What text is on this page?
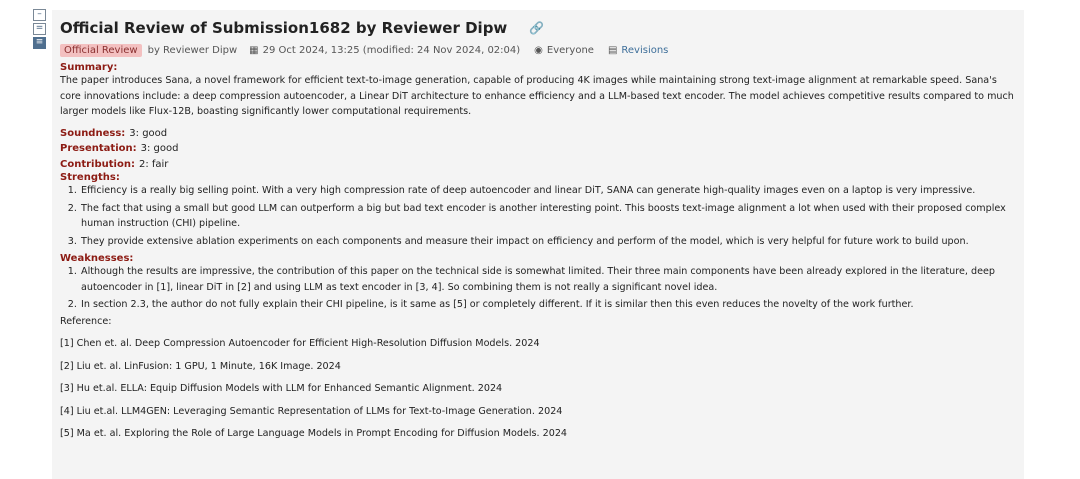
–
=
≡
Official Review of Submission1682 by Reviewer Dipw 🔗
Official Review	by Reviewer Dipw ▦ 29 Oct 2024, 13:25 (modified: 24 Nov 2024, 02:04) ◉ Everyone ▤ Revisions
Summary:
The paper introduces Sana, a novel framework for efficient text-to-image generation, capable of producing 4K images while maintaining strong text-image alignment at remarkable speed. Sana's core innovations include: a deep compression autoencoder, a Linear DiT architecture to enhance efficiency and a LLM-based text encoder. The model achieves competitive results compared to much larger models like Flux-12B, boasting significantly lower computational requirements.
Soundness: 3: good
Presentation: 3: good
Contribution: 2: fair
Strengths:
1. Efficiency is a really big selling point. With a very high compression rate of deep autoencoder and linear DiT, SANA can generate high-quality images even on a laptop is very impressive.
2. The fact that using a small but good LLM can outperform a big but bad text encoder is another interesting point. This boosts text-image alignment a lot when used with their proposed complex human instruction (CHI) pipeline.
3. They provide extensive ablation experiments on each components and measure their impact on efficiency and perform of the model, which is very helpful for future work to build upon.
Weaknesses:
1. Although the results are impressive, the contribution of this paper on the technical side is somewhat limited. Their three main components have been already explored in the literature, deep autoencoder in [1], linear DiT in [2] and using LLM as text encoder in [3, 4]. So combining them is not really a significant novel idea.
2. In section 2.3, the author do not fully explain their CHI pipeline, is it same as [5] or completely different. If it is similar then this even reduces the novelty of the work further.
Reference:
[1] Chen et. al. Deep Compression Autoencoder for Efficient High-Resolution Diffusion Models. 2024
[2] Liu et. al. LinFusion: 1 GPU, 1 Minute, 16K Image. 2024
[3] Hu et.al. ELLA: Equip Diffusion Models with LLM for Enhanced Semantic Alignment. 2024
[4] Liu et.al. LLM4GEN: Leveraging Semantic Representation of LLMs for Text-to-Image Generation. 2024
[5] Ma et. al. Exploring the Role of Large Language Models in Prompt Encoding for Diffusion Models. 2024
